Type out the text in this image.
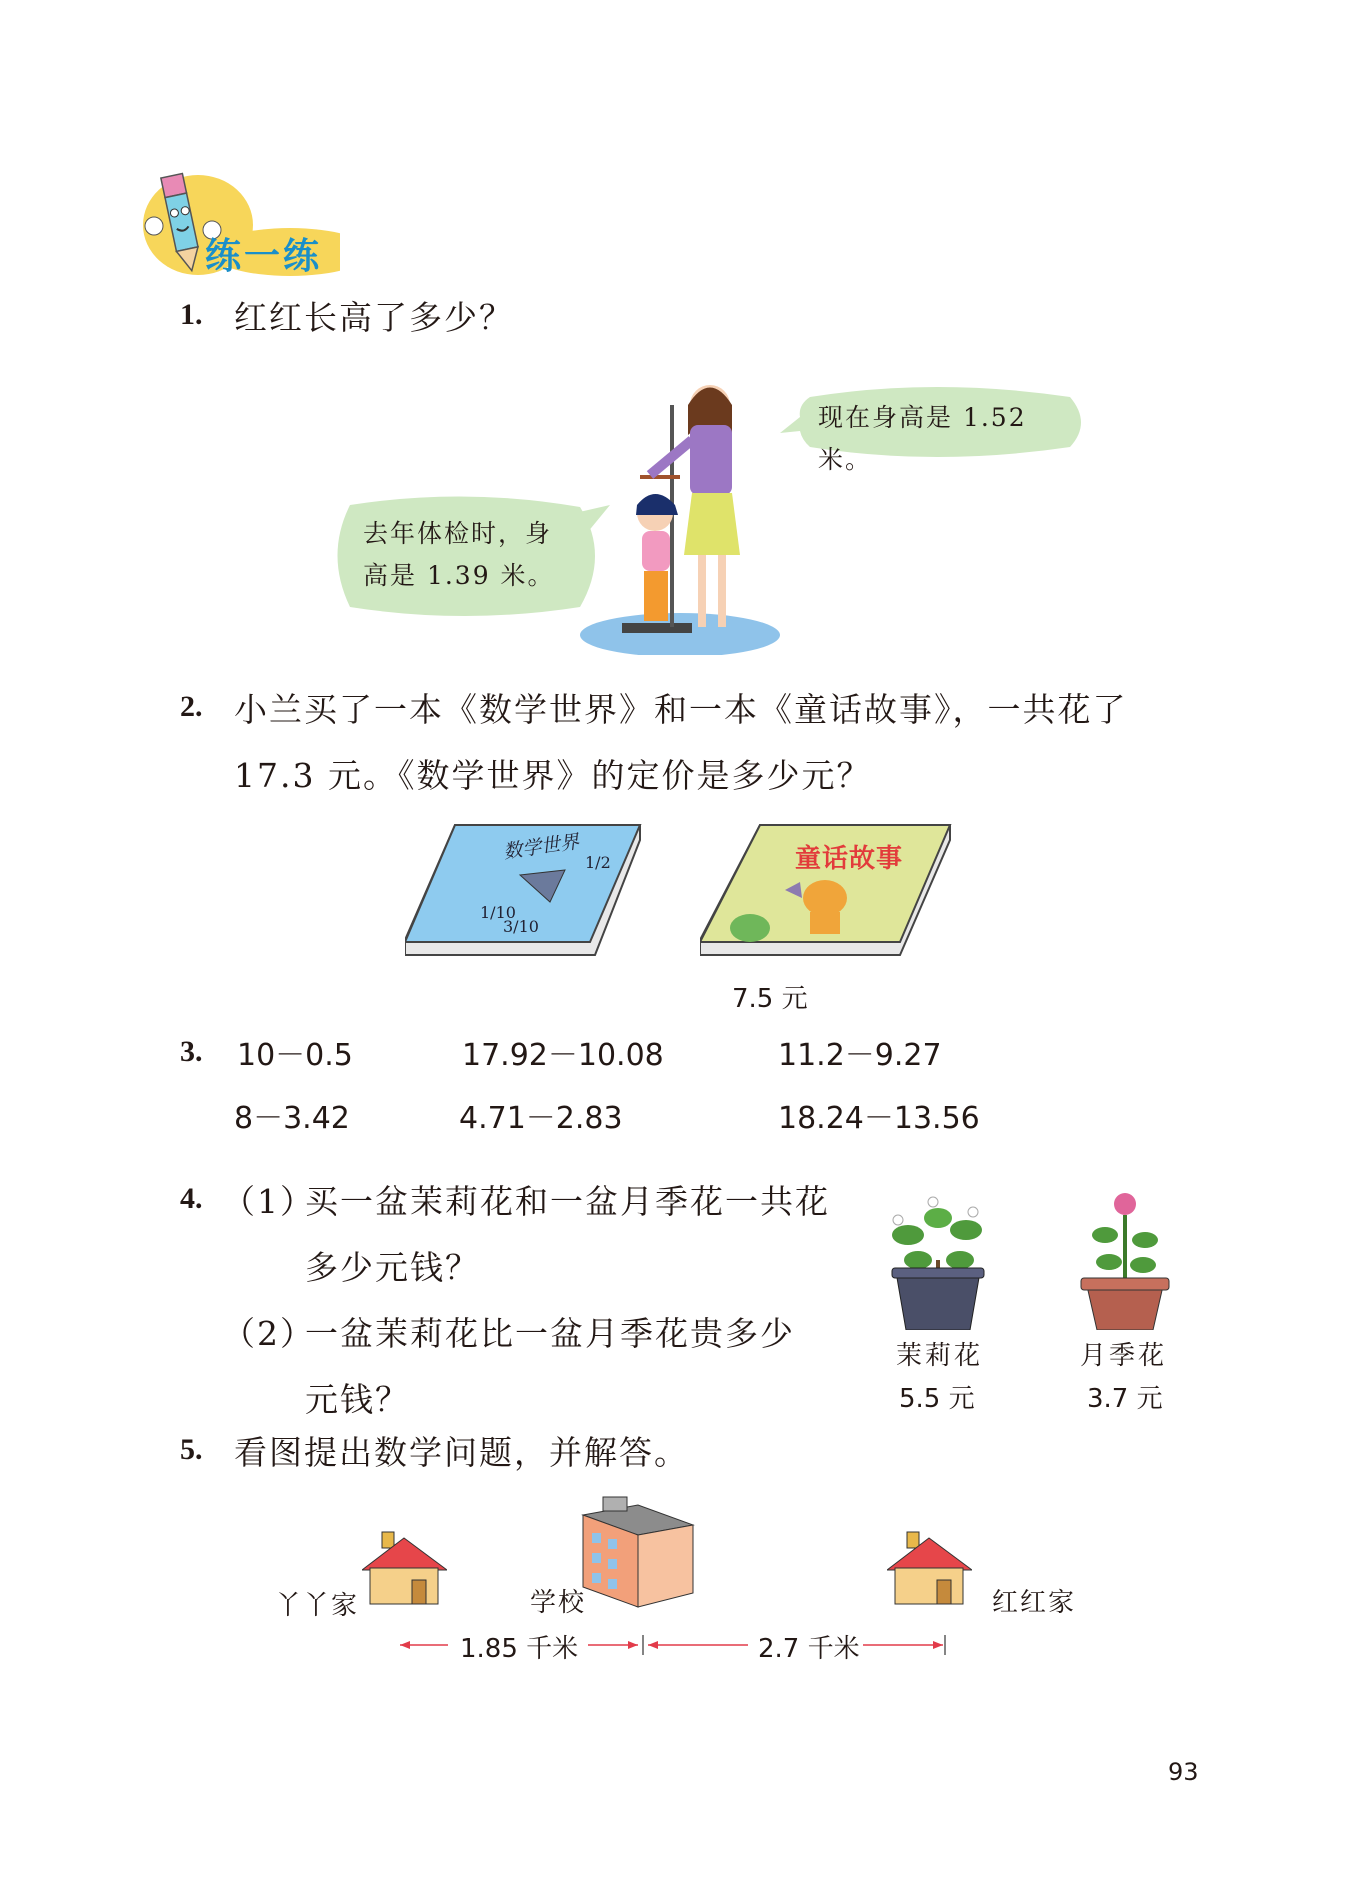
练一练
1. 红红长高了多少？
现在身高是 1.52 米。
去年体检时，身
高是 1.39 米。
2. 小兰买了一本《数学世界》和一本《童话故事》，一共花了
17.3 元。《数学世界》的定价是多少元？
1/10
3/10
1/2
数学世界	童话故事
7.5 元
3. 10－0.5	17.92－10.08	11.2－9.27
8－3.42	4.71－2.83	18.24－13.56
4. （1）
买一盆茉莉花和一盆月季花一共花
多少元钱？
（2）
一盆茉莉花比一盆月季花贵多少
元钱？
茉莉花
5.5 元
月季花
3.7 元
5. 看图提出数学问题，并解答。
丫丫家	学校	红红家
1.85 千米	2.7 千米
93
